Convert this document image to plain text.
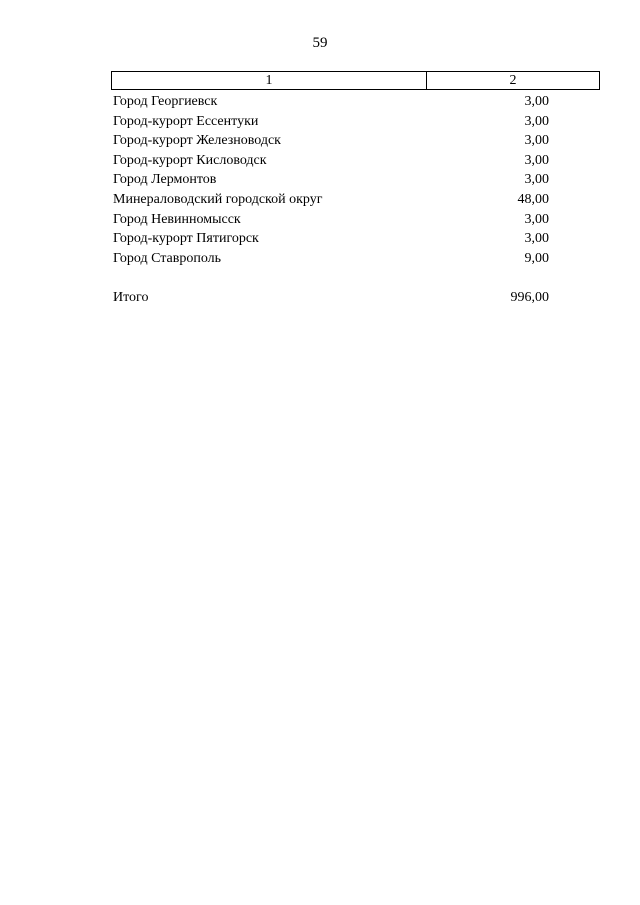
59
1	2
Город Георгиевск	3,00
Город-курорт Ессентуки	3,00
Город-курорт Железноводск	3,00
Город-курорт Кисловодск	3,00
Город Лермонтов	3,00
Минераловодский городской округ	48,00
Город Невинномысск	3,00
Город-курорт Пятигорск	3,00
Город Ставрополь	9,00
Итого	996,00
